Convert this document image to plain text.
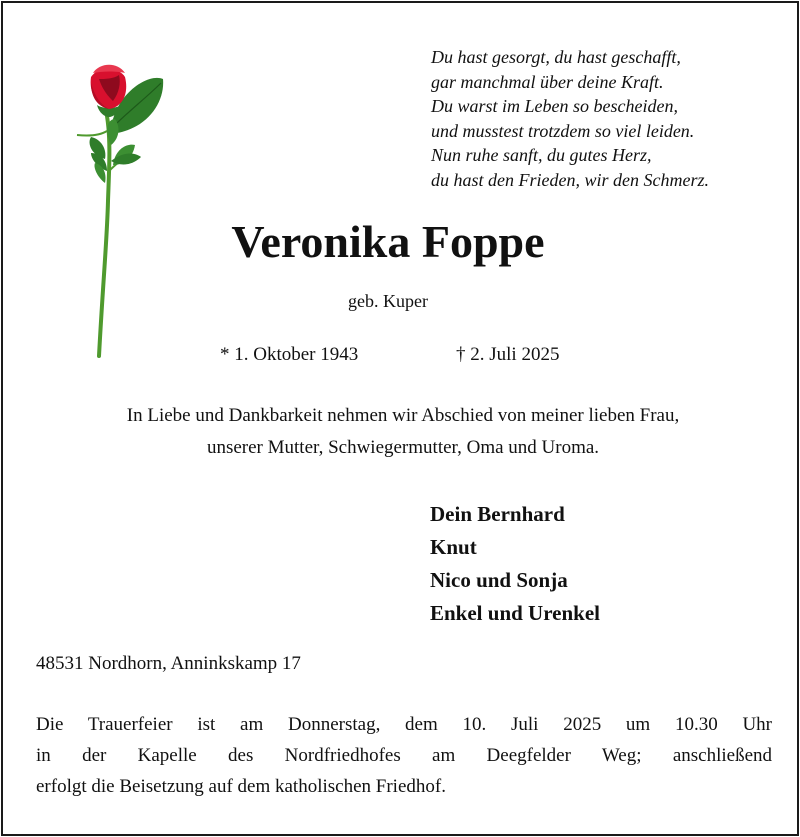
Du hast gesorgt, du hast geschafft,
gar manchmal über deine Kraft.
Du warst im Leben so bescheiden,
und musstest trotzdem so viel leiden.
Nun ruhe sanft, du gutes Herz,
du hast den Frieden, wir den Schmerz.
Veronika Foppe
geb. Kuper
* 1. Oktober 1943	† 2. Juli 2025
In Liebe und Dankbarkeit nehmen wir Abschied von meiner lieben Frau,
unserer Mutter, Schwiegermutter, Oma und Uroma.
Dein Bernhard
Knut
Nico und Sonja
Enkel und Urenkel
48531 Nordhorn, Anninkskamp 17
Die Trauerfeier ist am Donnerstag, dem 10. Juli 2025 um 10.30 Uhr
in der Kapelle des Nordfriedhofes am Deegfelder Weg; anschließend
erfolgt die Beisetzung auf dem katholischen Friedhof.
